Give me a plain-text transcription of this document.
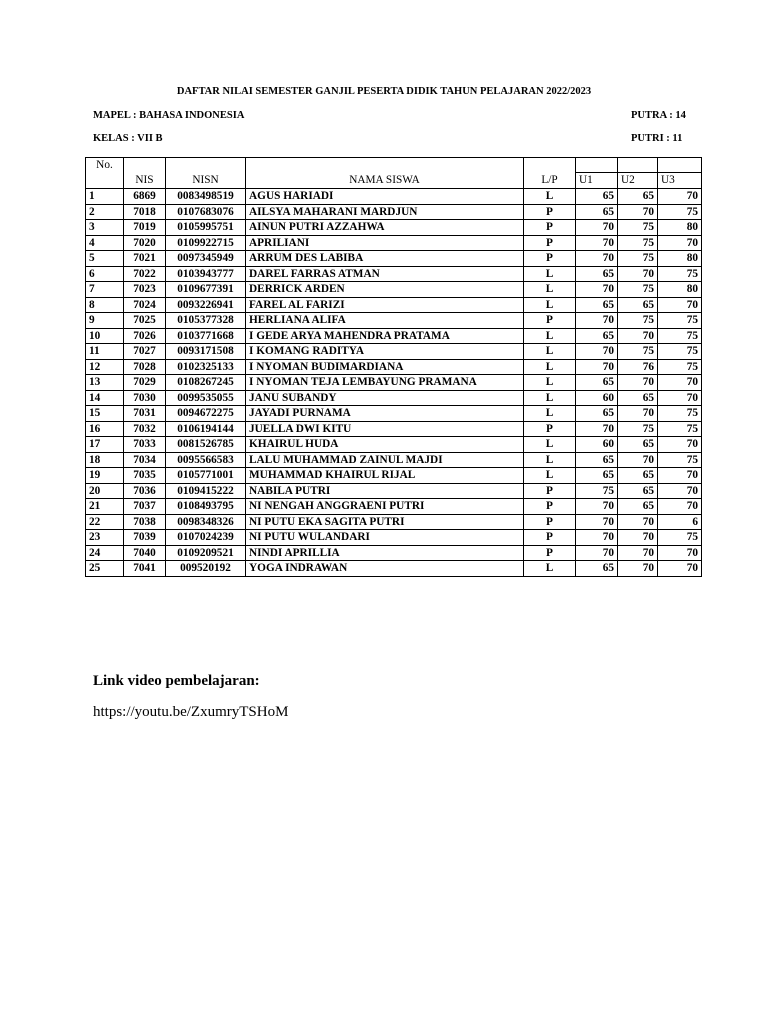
DAFTAR NILAI SEMESTER GANJIL PESERTA DIDIK TAHUN PELAJARAN 2022/2023
MAPEL : BAHASA INDONESIA	PUTRA : 14
KELAS : VII B	PUTRI : 11
No.							
	NIS	NISN	NAMA SISWA	L/P	U1	U2	U3
1	6869	0083498519	AGUS HARIADI	L	65	65	70
2	7018	0107683076	AILSYA MAHARANI MARDJUN	P	65	70	75
3	7019	0105995751	AINUN PUTRI AZZAHWA	P	70	75	80
4	7020	0109922715	APRILIANI	P	70	75	70
5	7021	0097345949	ARRUM DES LABIBA	P	70	75	80
6	7022	0103943777	DAREL FARRAS ATMAN	L	65	70	75
7	7023	0109677391	DERRICK ARDEN	L	70	75	80
8	7024	0093226941	FAREL AL FARIZI	L	65	65	70
9	7025	0105377328	HERLIANA ALIFA	P	70	75	75
10	7026	0103771668	I GEDE ARYA MAHENDRA PRATAMA	L	65	70	75
11	7027	0093171508	I KOMANG RADITYA	L	70	75	75
12	7028	0102325133	I NYOMAN BUDIMARDIANA	L	70	76	75
13	7029	0108267245	I NYOMAN TEJA LEMBAYUNG PRAMANA	L	65	70	70
14	7030	0099535055	JANU SUBANDY	L	60	65	70
15	7031	0094672275	JAYADI PURNAMA	L	65	70	75
16	7032	0106194144	JUELLA DWI KITU	P	70	75	75
17	7033	0081526785	KHAIRUL HUDA	L	60	65	70
18	7034	0095566583	LALU MUHAMMAD ZAINUL MAJDI	L	65	70	75
19	7035	0105771001	MUHAMMAD KHAIRUL RIJAL	L	65	65	70
20	7036	0109415222	NABILA PUTRI	P	75	65	70
21	7037	0108493795	NI NENGAH ANGGRAENI PUTRI	P	70	65	70
22	7038	0098348326	NI PUTU EKA SAGITA PUTRI	P	70	70	6
23	7039	0107024239	NI PUTU WULANDARI	P	70	70	75
24	7040	0109209521	NINDI APRILLIA	P	70	70	70
25	7041	009520192	YOGA INDRAWAN	L	65	70	70
Link video pembelajaran:
https://youtu.be/ZxumryTSHoM
